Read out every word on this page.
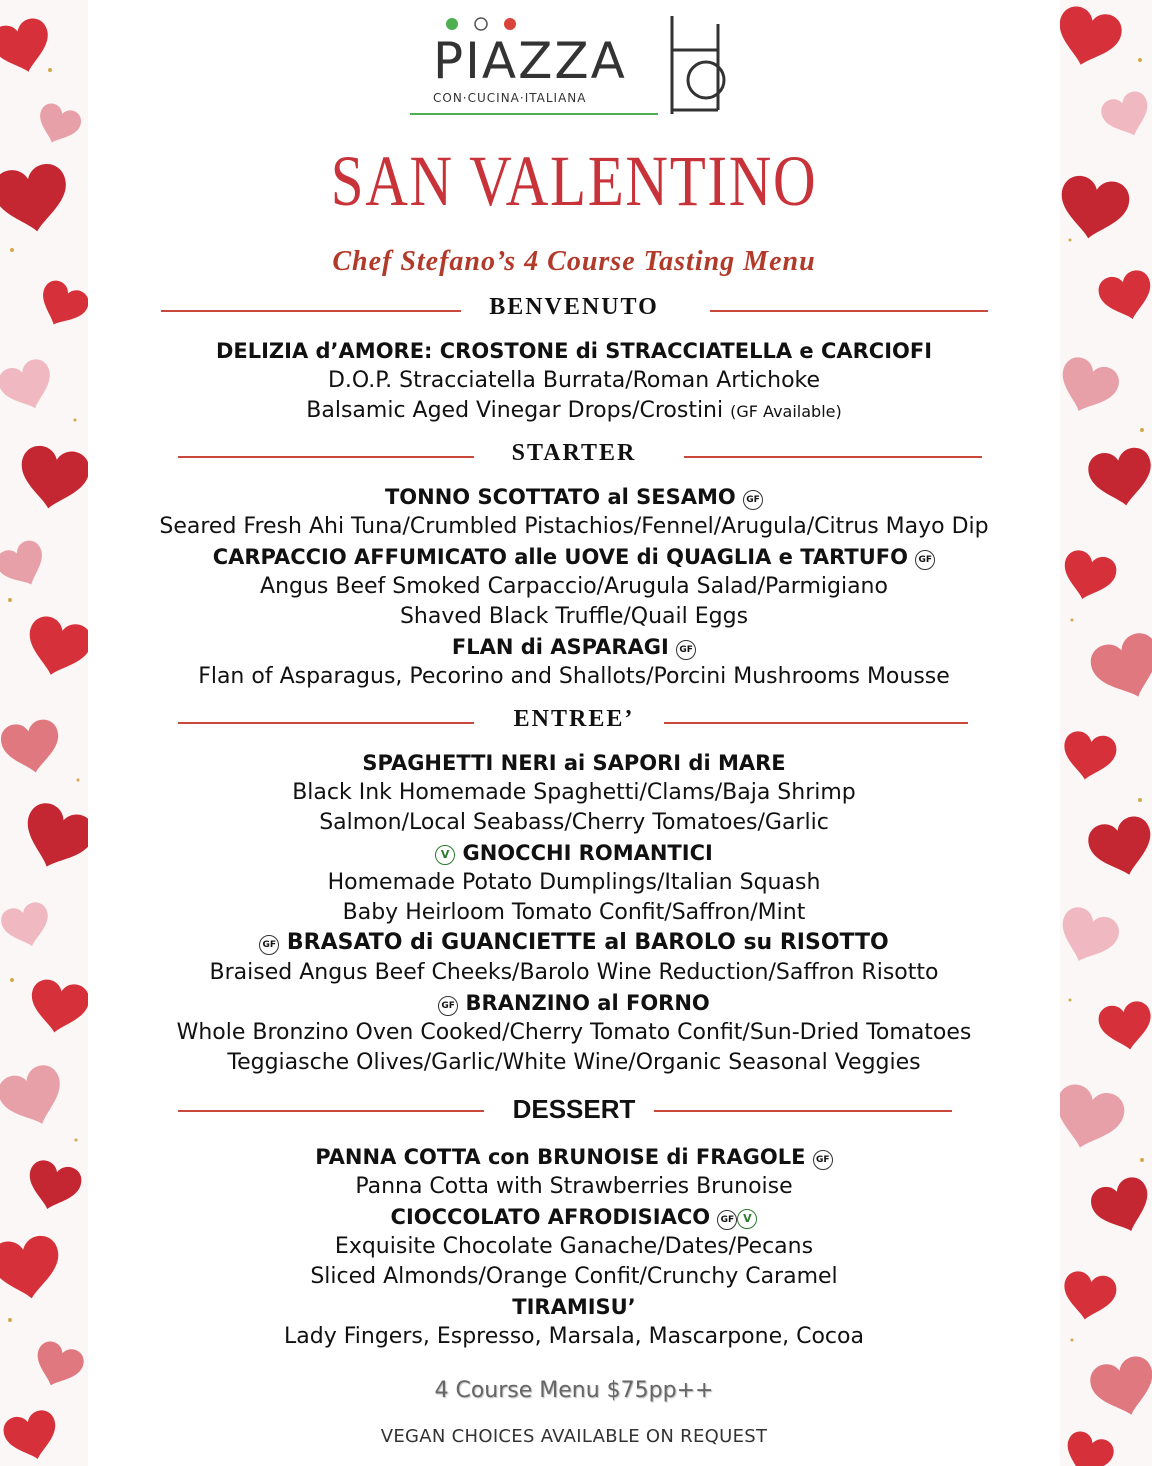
PIAZZA
CON·CUCINA·ITALIANA
SAN VALENTINO
Chef Stefano’s 4 Course Tasting Menu
BENVENUTO
DELIZIA d’AMORE: CROSTONE di STRACCIATELLA e CARCIOFI
D.O.P. Stracciatella Burrata/Roman Artichoke
Balsamic Aged Vinegar Drops/Crostini (GF Available)
STARTER
TONNO SCOTTATO al SESAMO GF
Seared Fresh Ahi Tuna/Crumbled Pistachios/Fennel/Arugula/Citrus Mayo Dip
CARPACCIO AFFUMICATO alle UOVE di QUAGLIA e TARTUFO GF
Angus Beef Smoked Carpaccio/Arugula Salad/Parmigiano
Shaved Black Truffle/Quail Eggs
FLAN di ASPARAGI GF
Flan of Asparagus, Pecorino and Shallots/Porcini Mushrooms Mousse
ENTREE’
SPAGHETTI NERI ai SAPORI di MARE
Black Ink Homemade Spaghetti/Clams/Baja Shrimp
Salmon/Local Seabass/Cherry Tomatoes/Garlic
V GNOCCHI ROMANTICI
Homemade Potato Dumplings/Italian Squash
Baby Heirloom Tomato Confit/Saffron/Mint
GF BRASATO di GUANCIETTE al BAROLO su RISOTTO
Braised Angus Beef Cheeks/Barolo Wine Reduction/Saffron Risotto
GF BRANZINO al FORNO
Whole Bronzino Oven Cooked/Cherry Tomato Confit/Sun-Dried Tomatoes
Teggiasche Olives/Garlic/White Wine/Organic Seasonal Veggies
DESSERT
PANNA COTTA con BRUNOISE di FRAGOLE GF
Panna Cotta with Strawberries Brunoise
CIOCCOLATO AFRODISIACO GF V
Exquisite Chocolate Ganache/Dates/Pecans
Sliced Almonds/Orange Confit/Crunchy Caramel
TIRAMISU’
Lady Fingers, Espresso, Marsala, Mascarpone, Cocoa
4 Course Menu $75pp++
VEGAN CHOICES AVAILABLE ON REQUEST
